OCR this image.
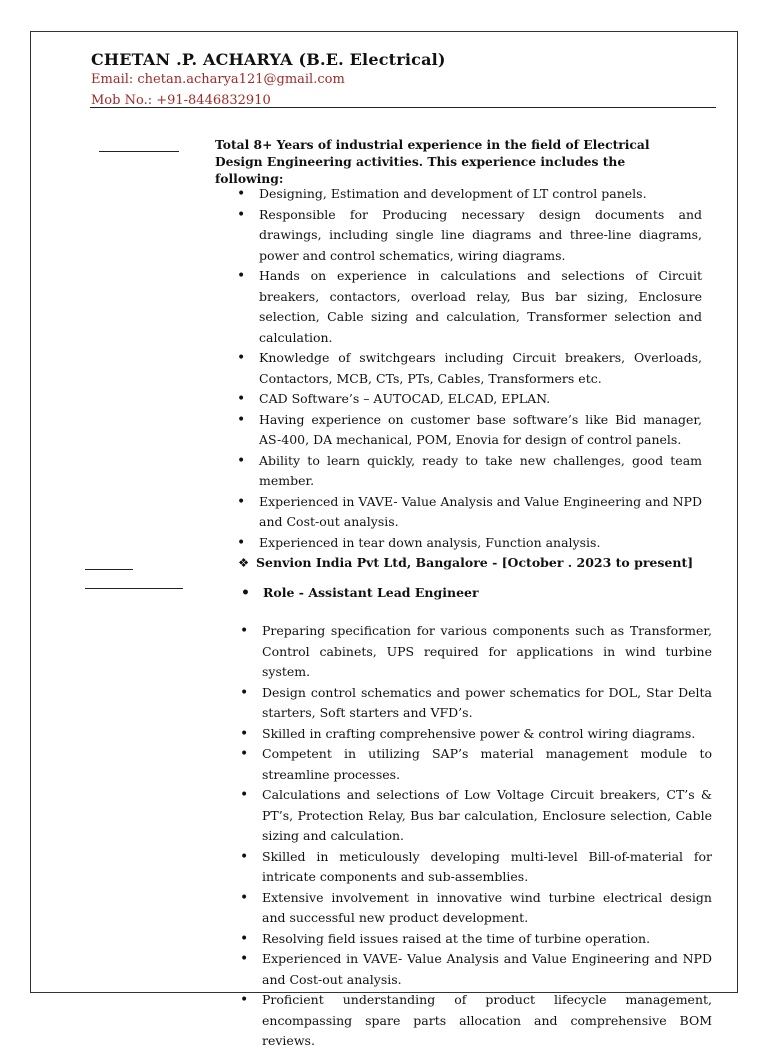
CHETAN .P. ACHARYA (B.E. Electrical)
Email: chetan.acharya121@gmail.com
Mob No.: +91-8446832910

Total 8+ Years of industrial experience in the field of Electrical Design Engineering activities. This experience includes the following:

• Designing, Estimation and development of LT control panels.
• Responsible for Producing necessary design documents and drawings, including single line diagrams and three-line diagrams, power and control schematics, wiring diagrams.
• Hands on experience in calculations and selections of Circuit breakers, contactors, overload relay, Bus bar sizing, Enclosure selection, Cable sizing and calculation, Transformer selection and calculation.
• Knowledge of switchgears including Circuit breakers, Overloads, Contactors, MCB, CTs, PTs, Cables, Transformers etc.
• CAD Software’s – AUTOCAD, ELCAD, EPLAN.
• Having experience on customer base software’s like Bid manager, AS-400, DA mechanical, POM, Enovia for design of control panels.
• Ability to learn quickly, ready to take new challenges, good team member.
• Experienced in VAVE- Value Analysis and Value Engineering and NPD and Cost-out analysis.
• Experienced in tear down analysis, Function analysis.
❖ Senvion India Pvt Ltd, Bangalore - [October . 2023 to present]
• Role - Assistant Lead Engineer
• Preparing specification for various components such as Transformer, Control cabinets, UPS required for applications in wind turbine system.
• Design control schematics and power schematics for DOL, Star Delta starters, Soft starters and VFD’s.
• Skilled in crafting comprehensive power & control wiring diagrams.
• Competent in utilizing SAP’s material management module to streamline processes.
• Calculations and selections of Low Voltage Circuit breakers, CT’s & PT’s, Protection Relay, Bus bar calculation, Enclosure selection, Cable sizing and calculation.
• Skilled in meticulously developing multi-level Bill-of-material for intricate components and sub-assemblies.
• Extensive involvement in innovative wind turbine electrical design and successful new product development.
• Resolving field issues raised at the time of turbine operation.
• Experienced in VAVE- Value Analysis and Value Engineering and NPD and Cost-out analysis.
• Proficient understanding of product lifecycle management, encompassing spare parts allocation and comprehensive BOM reviews.
